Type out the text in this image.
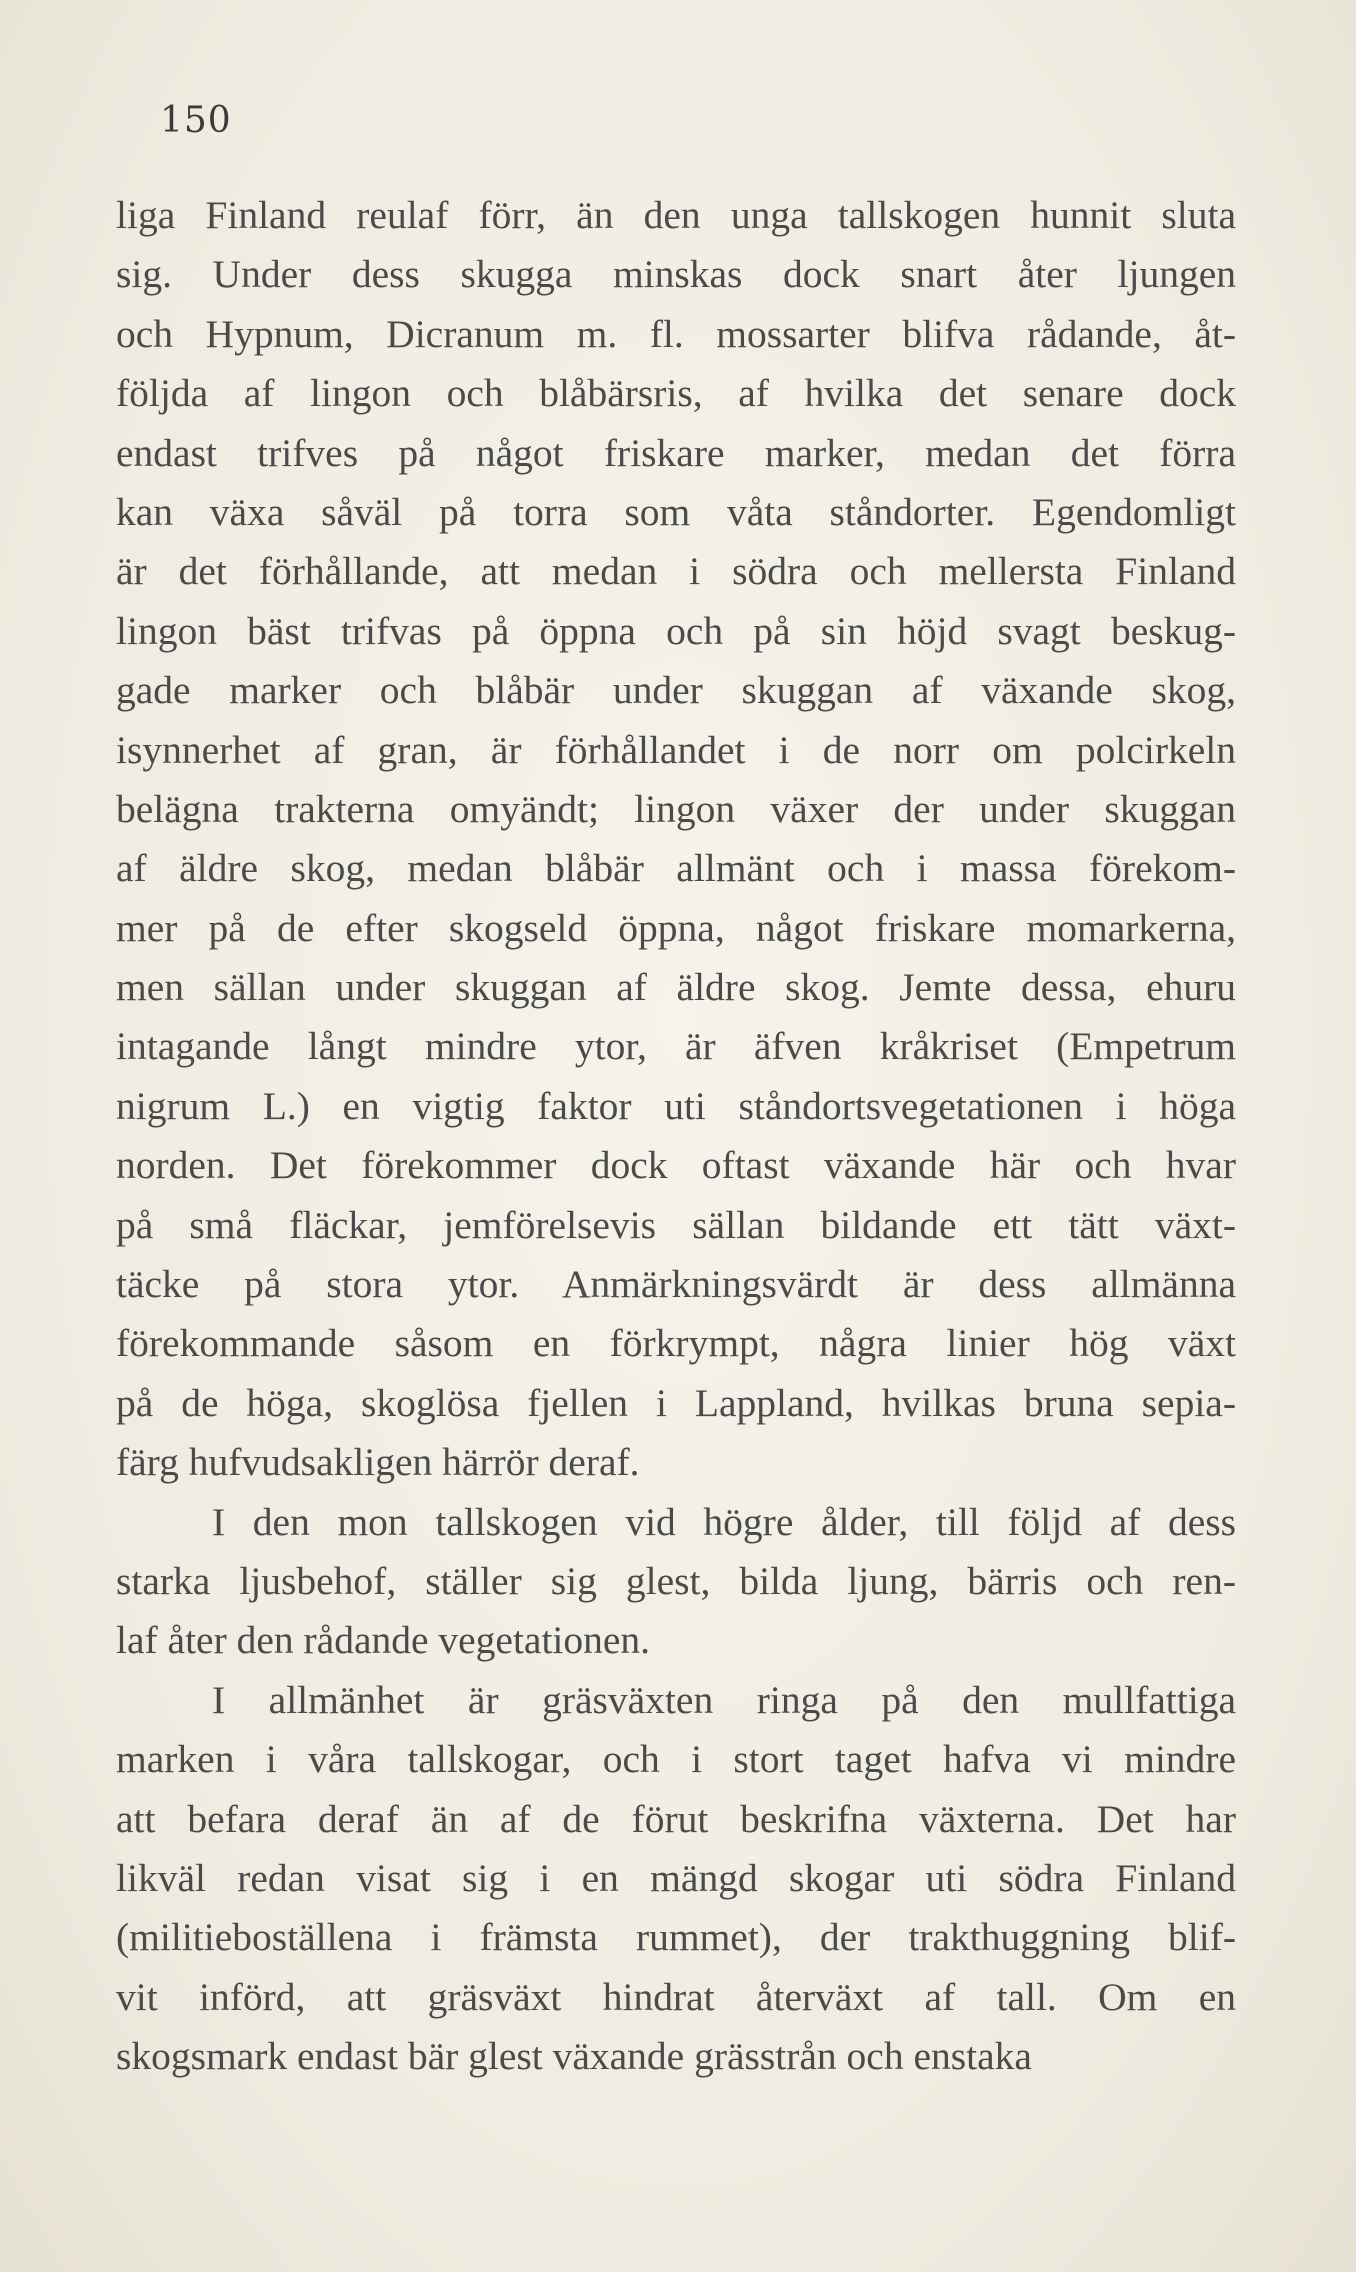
150
liga Finland reulaf förr, än den unga tallskogen hunnit sluta
sig. Under dess skugga minskas dock snart åter ljungen
och Hypnum, Dicranum m. fl. mossarter blifva rådande, åt-
följda af lingon och blåbärsris, af hvilka det senare dock
endast trifves på något friskare marker, medan det förra
kan växa såväl på torra som våta ståndorter. Egendomligt
är det förhållande, att medan i södra och mellersta Finland
lingon bäst trifvas på öppna och på sin höjd svagt beskug-
gade marker och blåbär under skuggan af växande skog,
isynnerhet af gran, är förhållandet i de norr om polcirkeln
belägna trakterna omyändt; lingon växer der under skuggan
af äldre skog, medan blåbär allmänt och i massa förekom-
mer på de efter skogseld öppna, något friskare momarkerna,
men sällan under skuggan af äldre skog. Jemte dessa, ehuru
intagande långt mindre ytor, är äfven kråkriset (Empetrum
nigrum L.) en vigtig faktor uti ståndortsvegetationen i höga
norden. Det förekommer dock oftast växande här och hvar
på små fläckar, jemförelsevis sällan bildande ett tätt växt-
täcke på stora ytor. Anmärkningsvärdt är dess allmänna
förekommande såsom en förkrympt, några linier hög växt
på de höga, skoglösa fjellen i Lappland, hvilkas bruna sepia-
färg hufvudsakligen härrör deraf.
I den mon tallskogen vid högre ålder, till följd af dess
starka ljusbehof, ställer sig glest, bilda ljung, bärris och ren-
laf åter den rådande vegetationen.
I allmänhet är gräsväxten ringa på den mullfattiga
marken i våra tallskogar, och i stort taget hafva vi mindre
att befara deraf än af de förut beskrifna växterna. Det har
likväl redan visat sig i en mängd skogar uti södra Finland
(militieboställena i främsta rummet), der trakthuggning blif-
vit införd, att gräsväxt hindrat återväxt af tall. Om en
skogsmark endast bär glest växande grässtrån och enstaka
